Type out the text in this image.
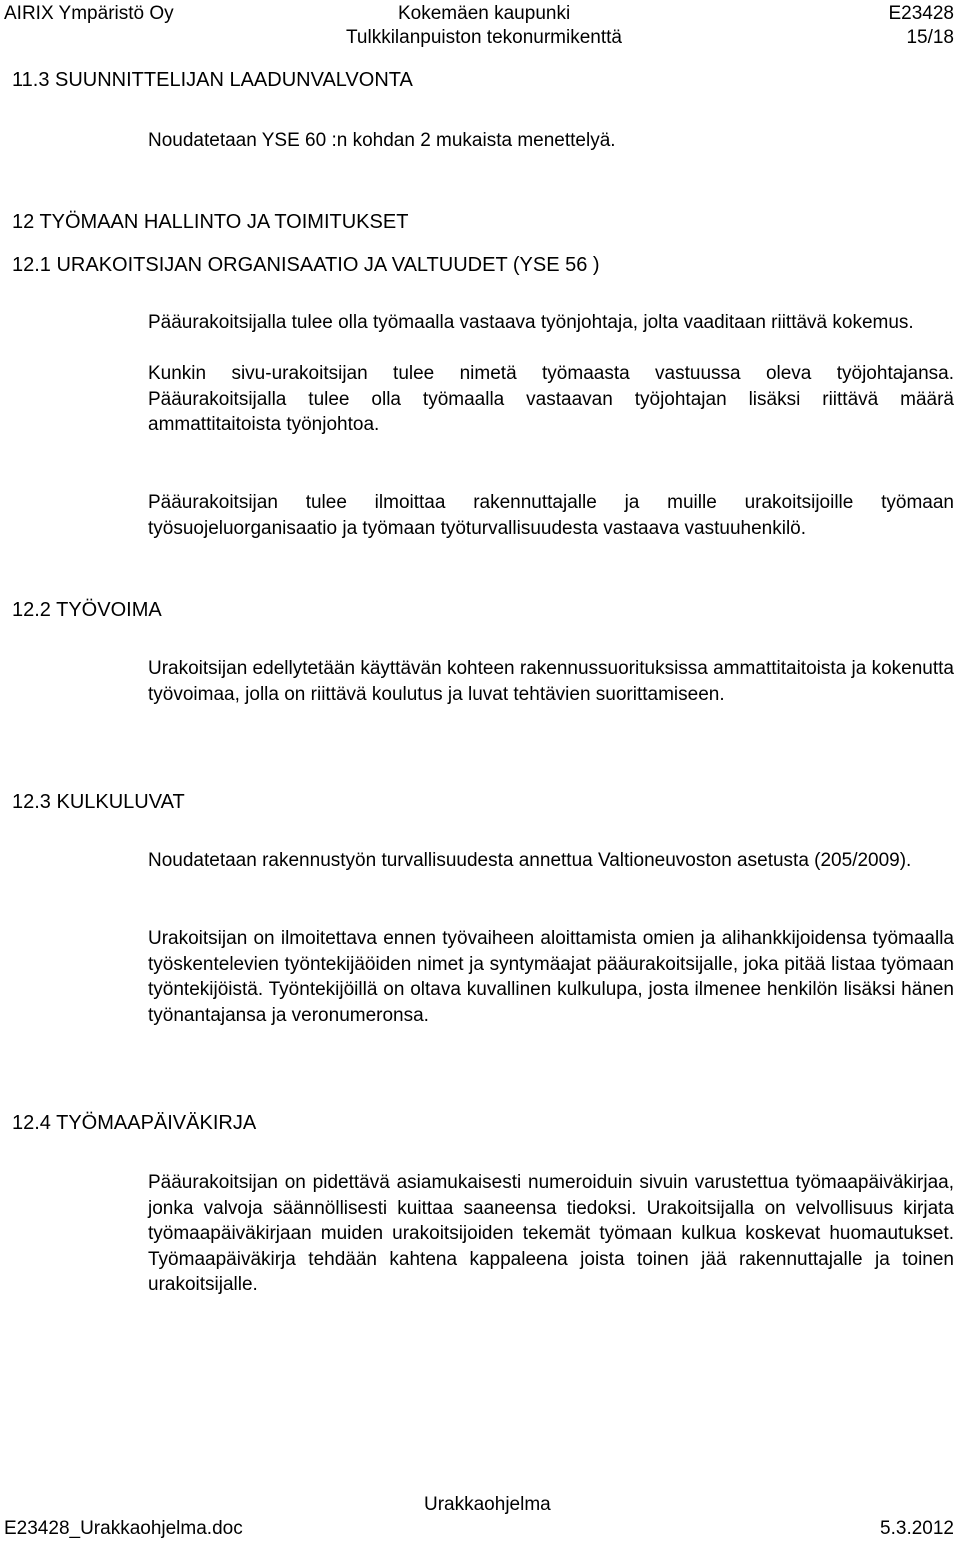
AIRIX Ympäristö Oy	Kokemäen kaupunki
Tulkkilanpuiston tekonurmikenttä
E23428
15/18
11.3 SUUNNITTELIJAN LAADUNVALVONTA

Noudatetaan YSE 60 :n kohdan 2 mukaista menettelyä.

12 TYÖMAAN HALLINTO JA TOIMITUKSET
12.1 URAKOITSIJAN ORGANISAATIO JA VALTUUDET (YSE 56 )

Pääurakoitsijalla tulee olla työmaalla vastaava työnjohtaja, jolta vaaditaan riittävä kokemus.

Kunkin sivu-urakoitsijan tulee nimetä työmaasta vastuussa oleva työjohtajansa. Pääurakoitsijalla tulee olla työmaalla vastaavan työjohtajan lisäksi riittävä määrä ammattitaitoista työnjohtoa.

Pääurakoitsijan tulee ilmoittaa rakennuttajalle ja muille urakoitsijoille työmaan työsuojeluorganisaatio ja työmaan työturvallisuudesta vastaava vastuuhenkilö.

12.2 TYÖVOIMA

Urakoitsijan edellytetään käyttävän kohteen rakennussuorituksissa ammattitaitoista ja kokenutta työvoimaa, jolla on riittävä koulutus ja luvat tehtävien suorittamiseen.

12.3 KULKULUVAT

Noudatetaan rakennustyön turvallisuudesta annettua Valtioneuvoston asetusta (205/2009).

Urakoitsijan on ilmoitettava ennen työvaiheen aloittamista omien ja alihankkijoidensa työmaalla työskentelevien työntekijäöiden nimet ja syntymäajat pääurakoitsijalle, joka pitää listaa työmaan työntekijöistä. Työntekijöillä on oltava kuvallinen kulkulupa, josta ilmenee henkilön lisäksi hänen työnantajansa ja veronumeronsa.

12.4 TYÖMAAPÄIVÄKIRJA

Pääurakoitsijan on pidettävä asiamukaisesti numeroiduin sivuin varustettua työmaapäiväkirjaa, jonka valvoja säännöllisesti kuittaa saaneensa tiedoksi. Urakoitsijalla on velvollisuus kirjata työmaapäiväkirjaan muiden urakoitsijoiden tekemät työmaan kulkua koskevat huomautukset. Työmaapäiväkirja tehdään kahtena kappaleena joista toinen jää rakennuttajalle ja toinen urakoitsijalle.

Urakkaohjelma
E23428_Urakkaohjelma.doc	5.3.2012
